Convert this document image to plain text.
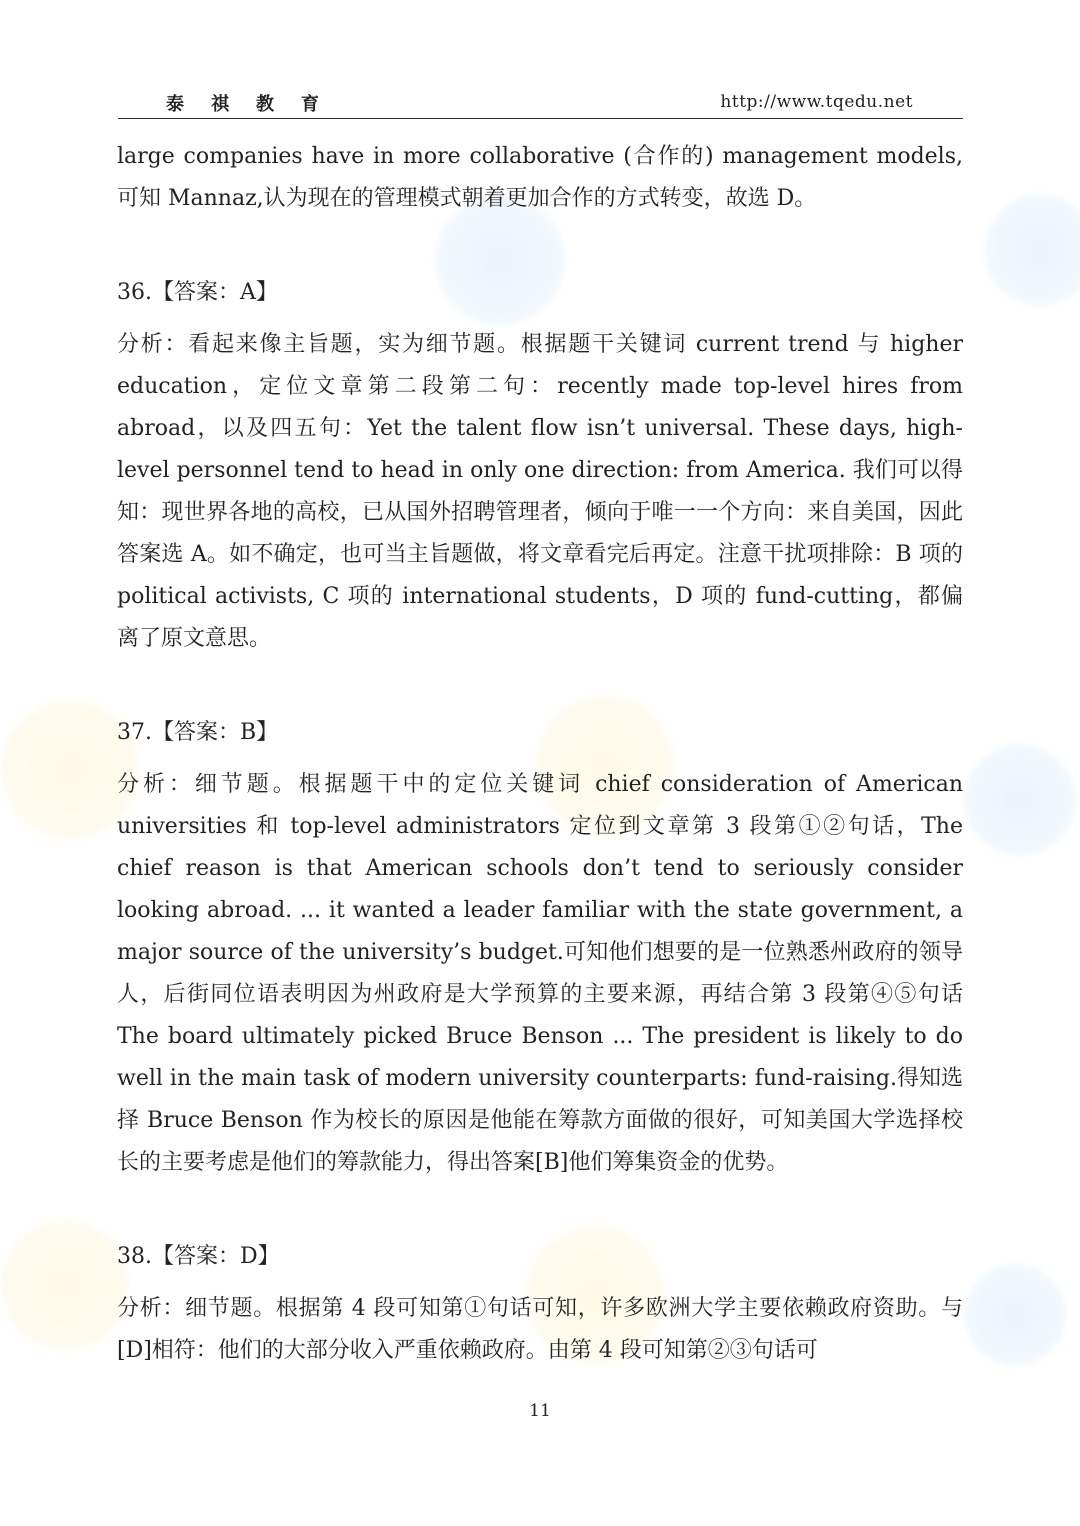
泰祺教育	http://www.tqedu.net

large companies have in more collaborative (合作的) management models, 可知 Mannaz,认为现在的管理模式朝着更加合作的方式转变，故选 D。

36.【答案：A】

分析：看起来像主旨题，实为细节题。根据题干关键词 current trend 与 higher education，定位文章第二段第二句：recently made top-level hires from abroad，以及四五句：Yet the talent flow isn’t universal. These days, high-level personnel tend to head in only one direction: from America. 我们可以得知：现世界各地的高校，已从国外招聘管理者，倾向于唯一一个方向：来自美国，因此答案选 A。如不确定，也可当主旨题做，将文章看完后再定。注意干扰项排除：B 项的 political activists, C 项的 international students，D 项的 fund-cutting，都偏离了原文意思。

37.【答案：B】

分析：细节题。根据题干中的定位关键词 chief consideration of American universities 和 top-level administrators 定位到文章第 3 段第①②句话，The chief reason is that American schools don’t tend to seriously consider looking abroad. ... it wanted a leader familiar with the state government, a major source of the university’s budget.可知他们想要的是一位熟悉州政府的领导人，后街同位语表明因为州政府是大学预算的主要来源，再结合第 3 段第④⑤句话 The board ultimately picked Bruce Benson ... The president is likely to do well in the main task of modern university counterparts: fund-raising.得知选择 Bruce Benson 作为校长的原因是他能在筹款方面做的很好，可知美国大学选择校长的主要考虑是他们的筹款能力，得出答案[B]他们筹集资金的优势。

38.【答案：D】

分析：细节题。根据第 4 段可知第①句话可知，许多欧洲大学主要依赖政府资助。与[D]相符：他们的大部分收入严重依赖政府。由第 4 段可知第②③句话可

11
